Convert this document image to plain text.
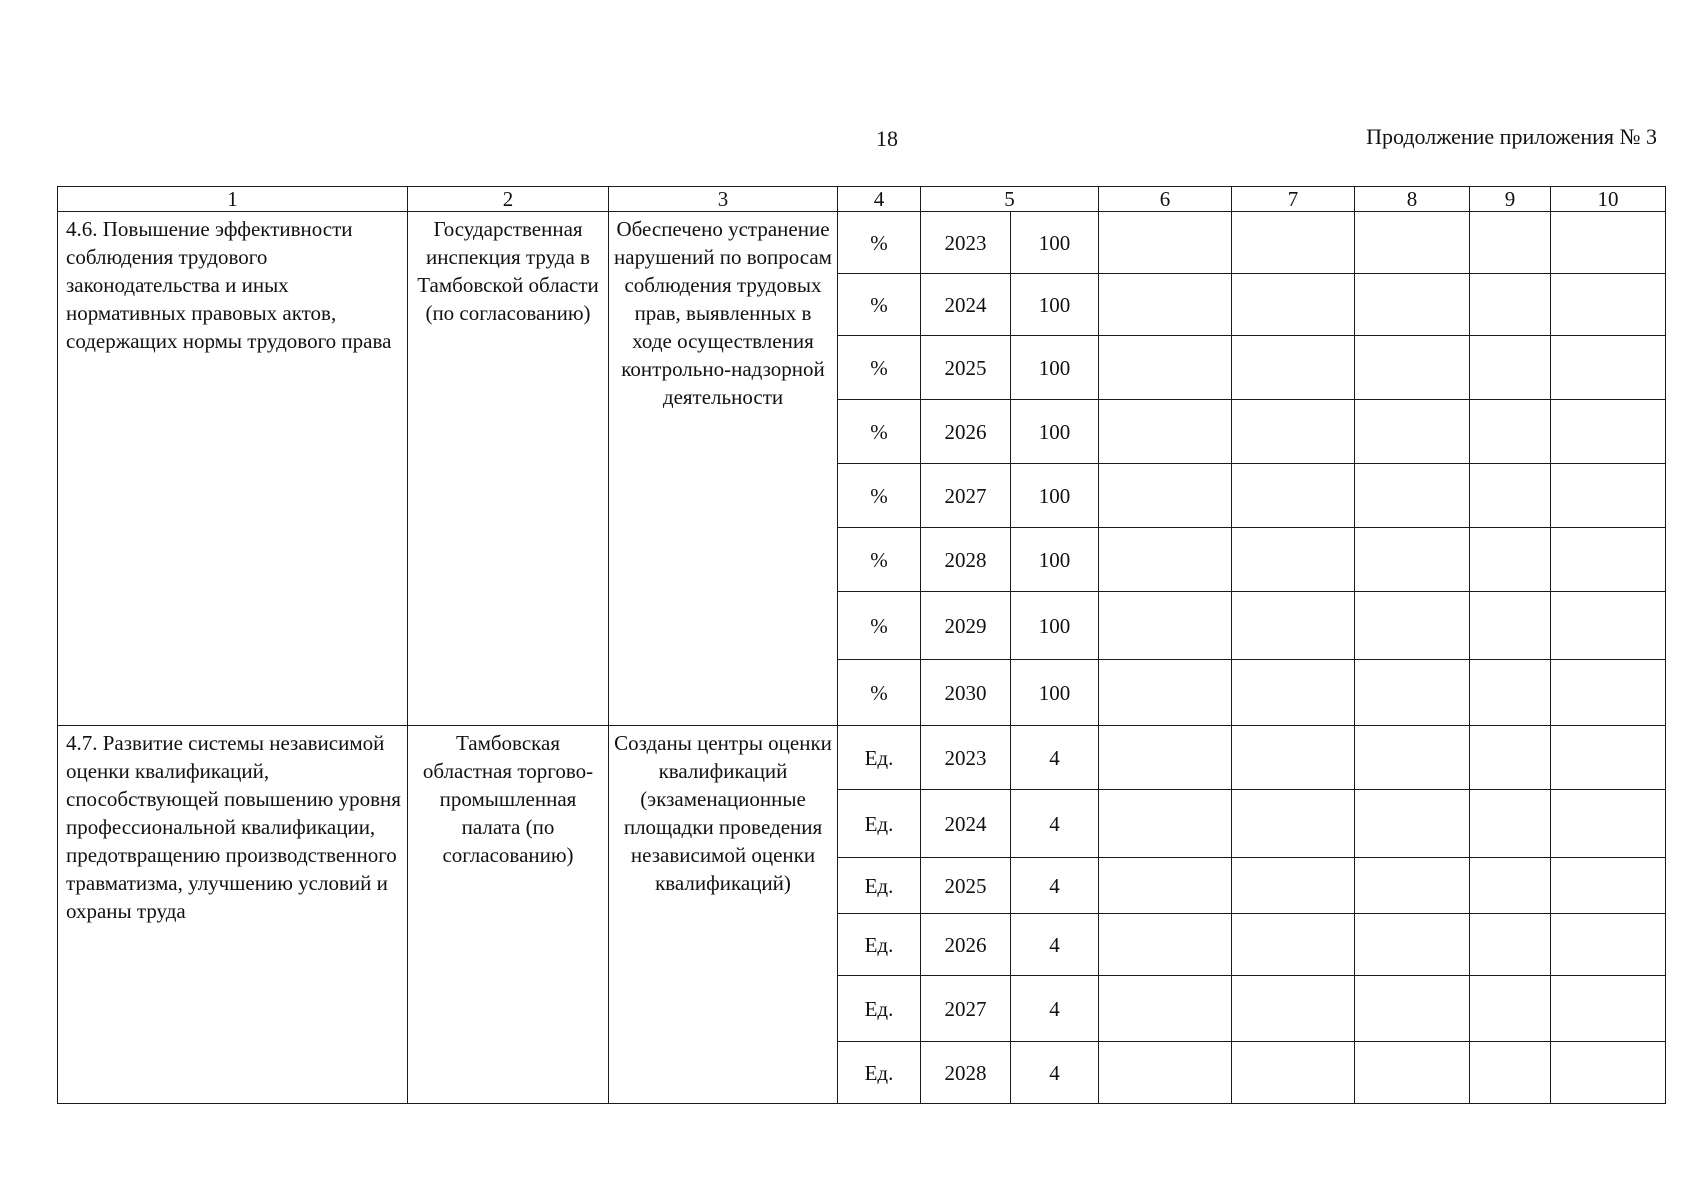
18	Продолжение приложения № 3
1	2	3	4	5		6	7	8	9	10
4.6. Повышение эффективности соблюдения трудового законодательства и иных нормативных правовых актов, содержащих нормы трудового права	Государственная инспекция труда в Тамбовской области (по согласованию)	Обеспечено устранение нарушений по вопросам соблюдения трудовых прав, выявленных в ходе осуществления контрольно-надзорной деятельности	%	2023	100					
			%	2024	100					
			%	2025	100					
			%	2026	100					
			%	2027	100					
			%	2028	100					
			%	2029	100					
			%	2030	100					
4.7. Развитие системы независимой оценки квалификаций, способствующей повышению уровня профессиональной квалификации, предотвращению производственного травматизма, улучшению условий и охраны труда	Тамбовская областная торгово-промышленная палата (по согласованию)	Созданы центры оценки квалификаций (экзаменационные площадки проведения независимой оценки квалификаций)	Ед.	2023	4					
			Ед.	2024	4					
			Ед.	2025	4					
			Ед.	2026	4					
			Ед.	2027	4					
			Ед.	2028	4					
